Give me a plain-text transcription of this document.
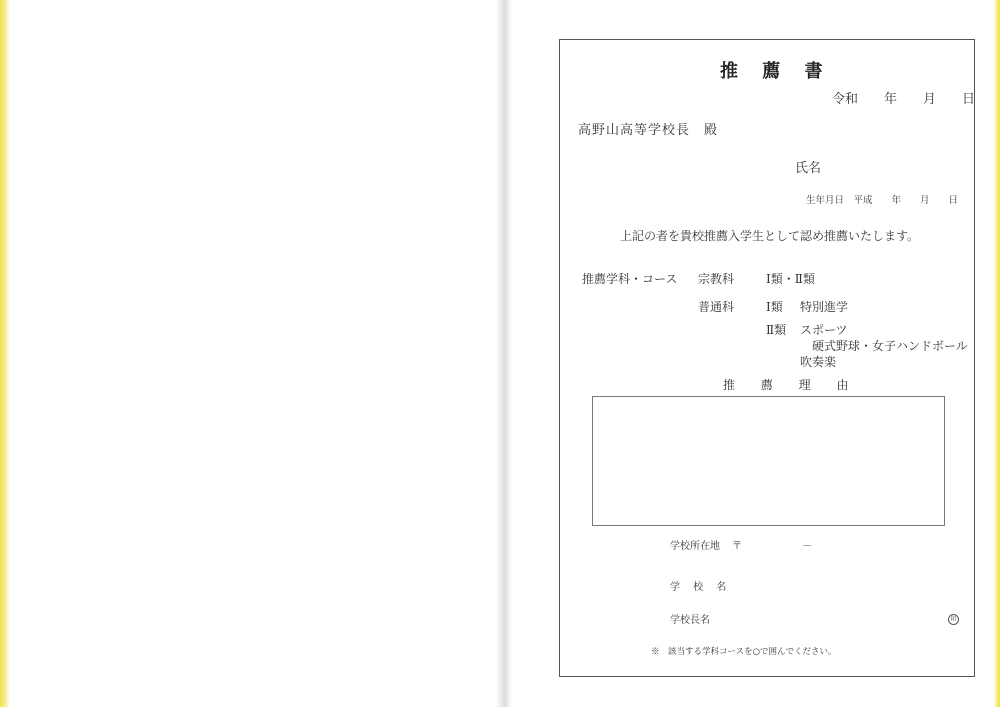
推 薦 書
令和　　年　　月　　日
高野山高等学校長　殿
氏名
生年月日　平成　　年　　月　　日
上記の者を貴校推薦入学生として認め推薦いたします。
推薦学科・コース 宗教科	Ⅰ類・Ⅱ類
普通科	Ⅰ類 特別進学
Ⅱ類 スポーツ
硬式野球・女子ハンドボール
吹奏楽
推 薦 理 由
学校所在地 〒	－
学 校 名
学校長名	印
※　該当する学科コースを○で囲んでください。
